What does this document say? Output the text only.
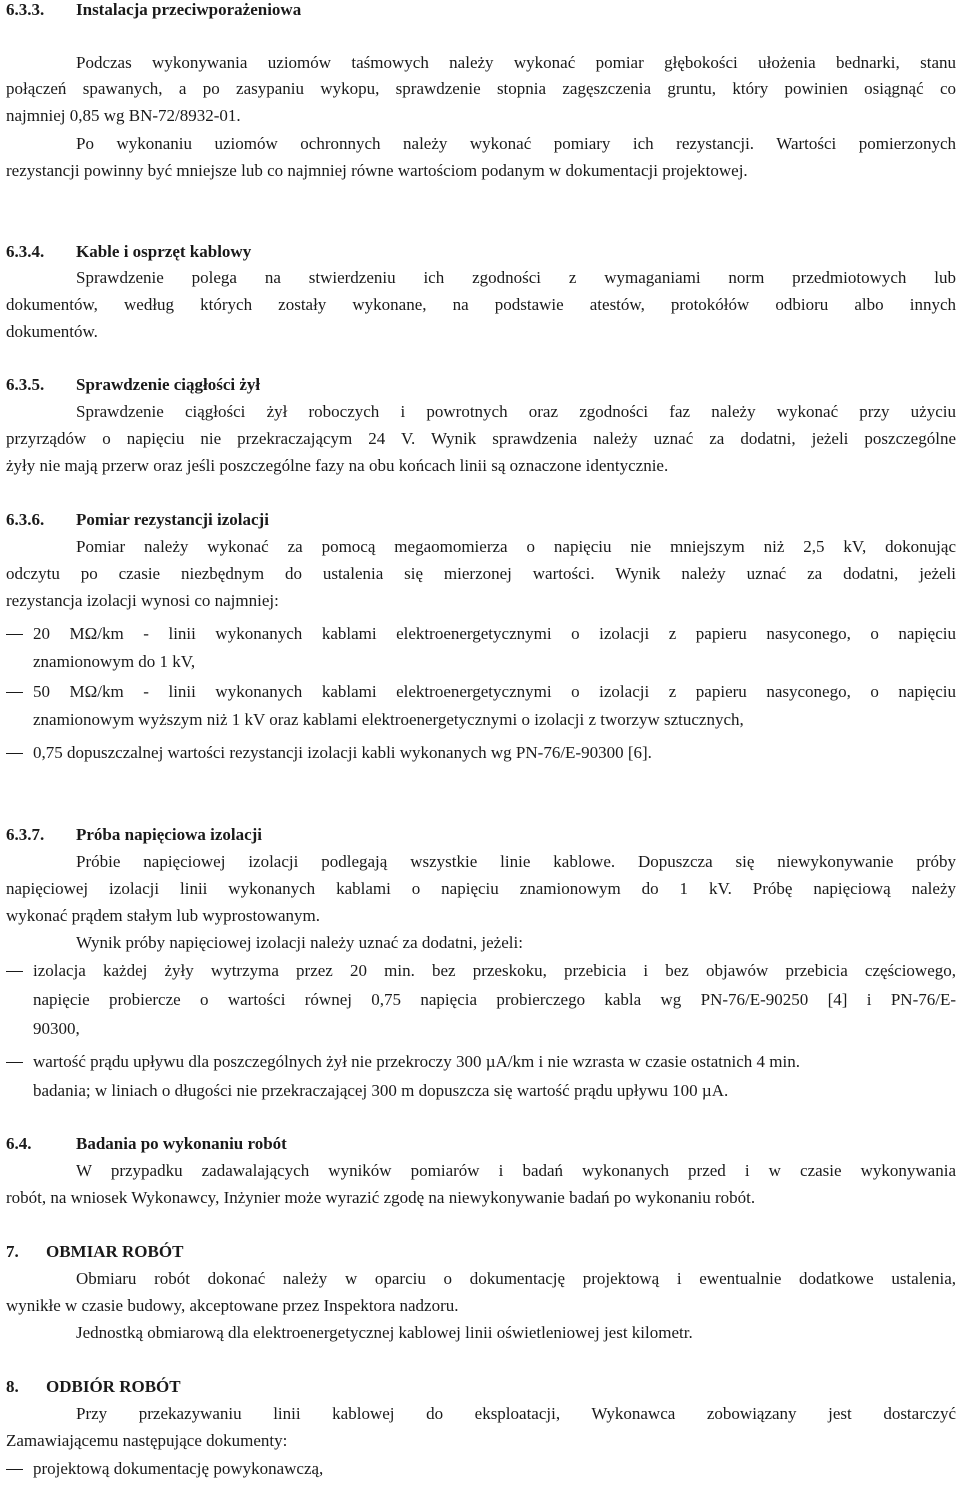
6.3.3. Instalacja przeciwporażeniowa
Podczas wykonywania uziomów taśmowych należy wykonać pomiar głębokości ułożenia bednarki, stanu
połączeń spawanych, a po zasypaniu wykopu, sprawdzenie stopnia zagęszczenia gruntu, który powinien osiągnąć co
najmniej 0,85 wg BN-72/8932-01.
Po wykonaniu uziomów ochronnych należy wykonać pomiary ich rezystancji. Wartości pomierzonych
rezystancji powinny być mniejsze lub co najmniej równe wartościom podanym w dokumentacji projektowej.
6.3.4. Kable i osprzęt kablowy
Sprawdzenie polega na stwierdzeniu ich zgodności z wymaganiami norm przedmiotowych lub
dokumentów, według których zostały wykonane, na podstawie atestów, protokółów odbioru albo innych
dokumentów.
6.3.5. Sprawdzenie ciągłości żył
Sprawdzenie ciągłości żył roboczych i powrotnych oraz zgodności faz należy wykonać przy użyciu
przyrządów o napięciu nie przekraczającym 24 V. Wynik sprawdzenia należy uznać za dodatni, jeżeli poszczególne
żyły nie mają przerw oraz jeśli poszczególne fazy na obu końcach linii są oznaczone identycznie.
6.3.6. Pomiar rezystancji izolacji
Pomiar należy wykonać za pomocą megaomomierza o napięciu nie mniejszym niż 2,5 kV, dokonując
odczytu po czasie niezbędnym do ustalenia się mierzonej wartości. Wynik należy uznać za dodatni, jeżeli
rezystancja izolacji wynosi co najmniej:
20 MΩ/km - linii wykonanych kablami elektroenergetycznymi o izolacji z papieru nasyconego, o napięciu
znamionowym do 1 kV,
50 MΩ/km - linii wykonanych kablami elektroenergetycznymi o izolacji z papieru nasyconego, o napięciu
znamionowym wyższym niż 1 kV oraz kablami elektroenergetycznymi o izolacji z tworzyw sztucznych,
0,75 dopuszczalnej wartości rezystancji izolacji kabli wykonanych wg PN-76/E-90300 [6].
6.3.7. Próba napięciowa izolacji
Próbie napięciowej izolacji podlegają wszystkie linie kablowe. Dopuszcza się niewykonywanie próby
napięciowej izolacji linii wykonanych kablami o napięciu znamionowym do 1 kV. Próbę napięciową należy
wykonać prądem stałym lub wyprostowanym.
Wynik próby napięciowej izolacji należy uznać za dodatni, jeżeli:
izolacja każdej żyły wytrzyma przez 20 min. bez przeskoku, przebicia i bez objawów przebicia częściowego,
napięcie probiercze o wartości równej 0,75 napięcia probierczego kabla wg PN-76/E-90250 [4] i PN-76/E-
90300,
wartość prądu upływu dla poszczególnych żył nie przekroczy 300 µA/km i nie wzrasta w czasie ostatnich 4 min.
badania; w liniach o długości nie przekraczającej 300 m dopuszcza się wartość prądu upływu 100 µA.
6.4.	Badania po wykonaniu robót
W przypadku zadawalających wyników pomiarów i badań wykonanych przed i w czasie wykonywania
robót, na wniosek Wykonawcy, Inżynier może wyrazić zgodę na niewykonywanie badań po wykonaniu robót.
7. OBMIAR ROBÓT
Obmiaru robót dokonać należy w oparciu o dokumentację projektową i ewentualnie dodatkowe ustalenia,
wynikłe w czasie budowy, akceptowane przez Inspektora nadzoru.
Jednostką obmiarową dla elektroenergetycznej kablowej linii oświetleniowej jest kilometr.
8. ODBIÓR ROBÓT
Przy przekazywaniu linii kablowej do eksploatacji, Wykonawca zobowiązany jest dostarczyć
Zamawiającemu następujące dokumenty:
projektową dokumentację powykonawczą,
